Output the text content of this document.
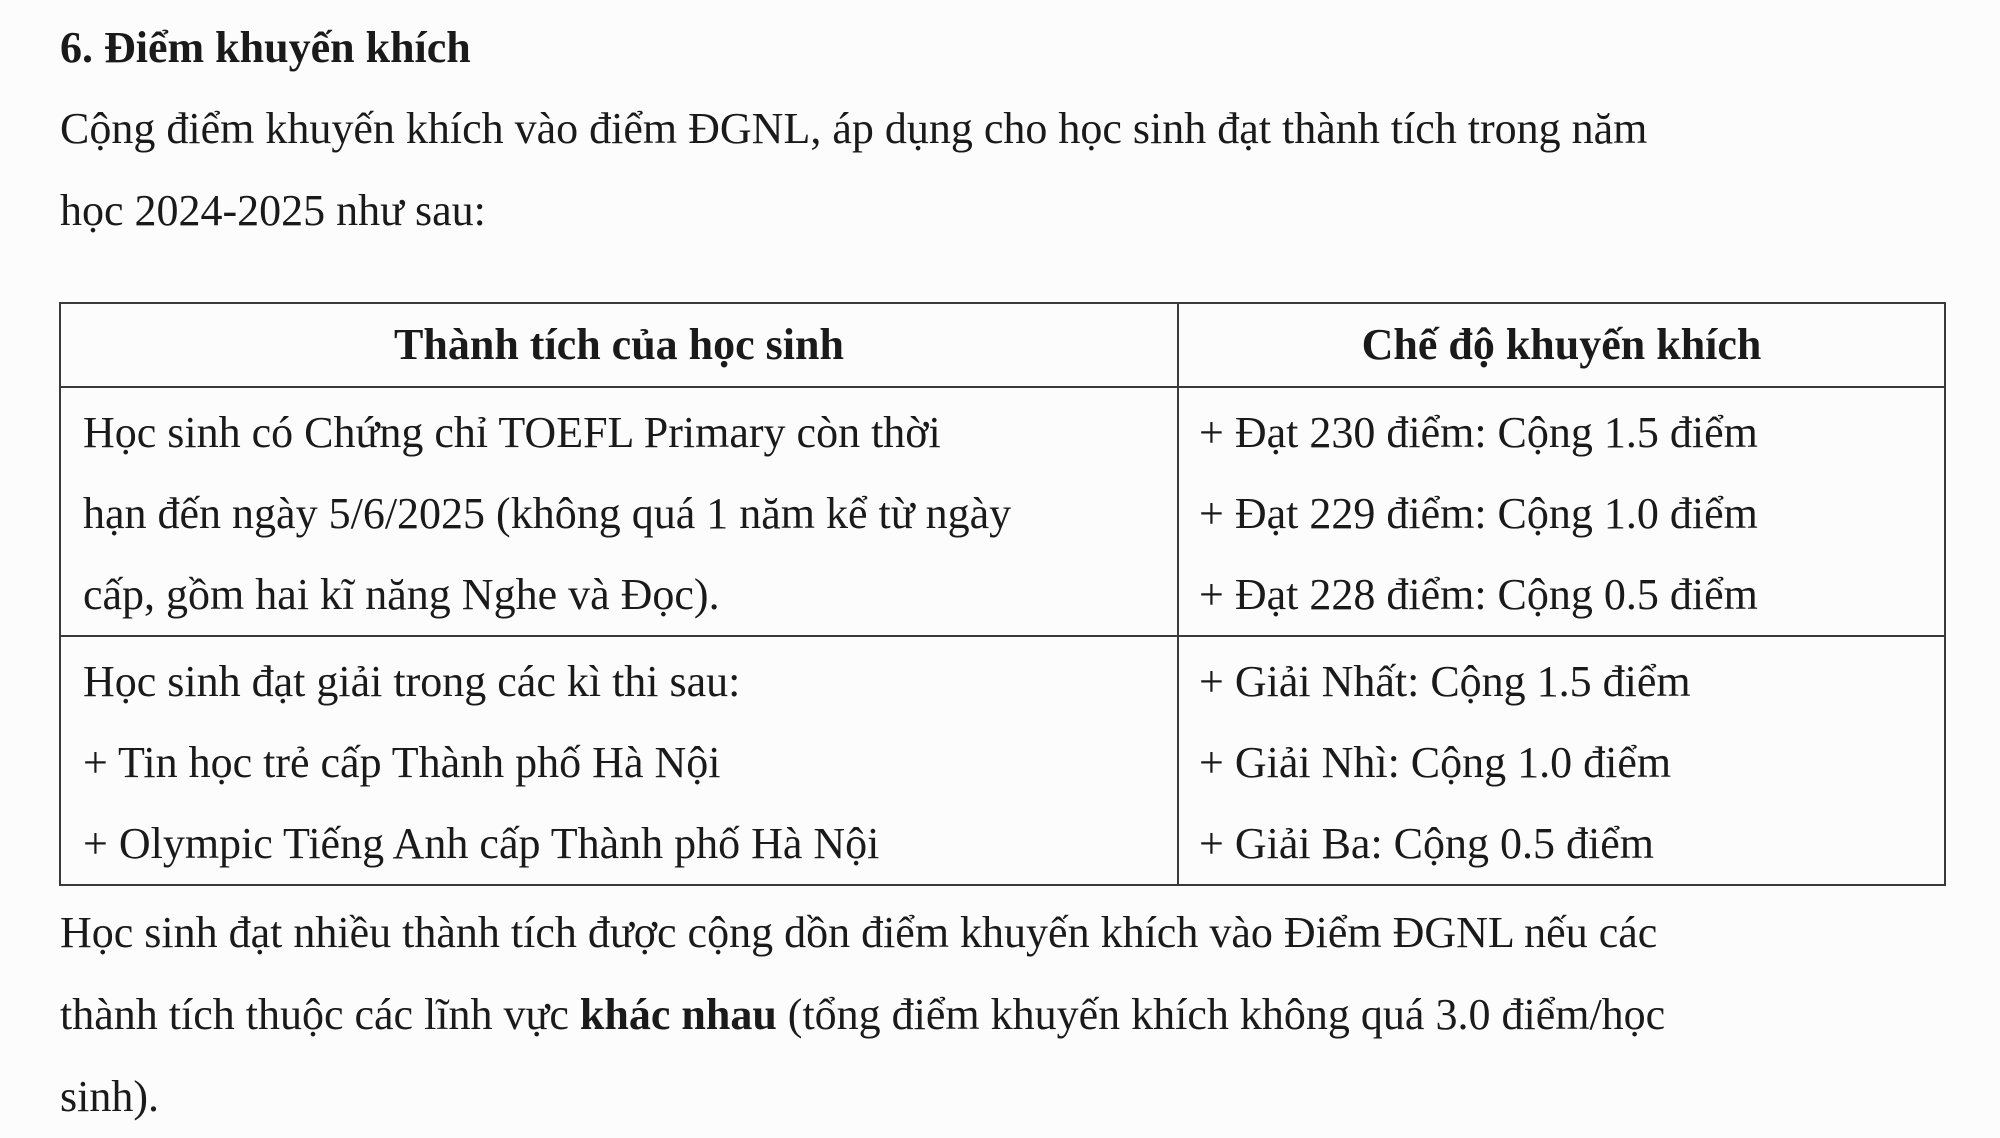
6. Điểm khuyến khích
Cộng điểm khuyến khích vào điểm ĐGNL, áp dụng cho học sinh đạt thành tích trong năm
học 2024-2025 như sau:
Thành tích của học sinh	Chế độ khuyến khích

Học sinh có Chứng chỉ TOEFL Primary còn thời
hạn đến ngày 5/6/2025 (không quá 1 năm kể từ ngày
cấp, gồm hai kĩ năng Nghe và Đọc).	+ Đạt 230 điểm: Cộng 1.5 điểm
+ Đạt 229 điểm: Cộng 1.0 điểm
+ Đạt 228 điểm: Cộng 0.5 điểm

Học sinh đạt giải trong các kì thi sau:
+ Tin học trẻ cấp Thành phố Hà Nội
+ Olympic Tiếng Anh cấp Thành phố Hà Nội	+ Giải Nhất: Cộng 1.5 điểm
+ Giải Nhì: Cộng 1.0 điểm
+ Giải Ba: Cộng 0.5 điểm
Học sinh đạt nhiều thành tích được cộng dồn điểm khuyến khích vào Điểm ĐGNL nếu các
thành tích thuộc các lĩnh vực khác nhau (tổng điểm khuyến khích không quá 3.0 điểm/học
sinh).
